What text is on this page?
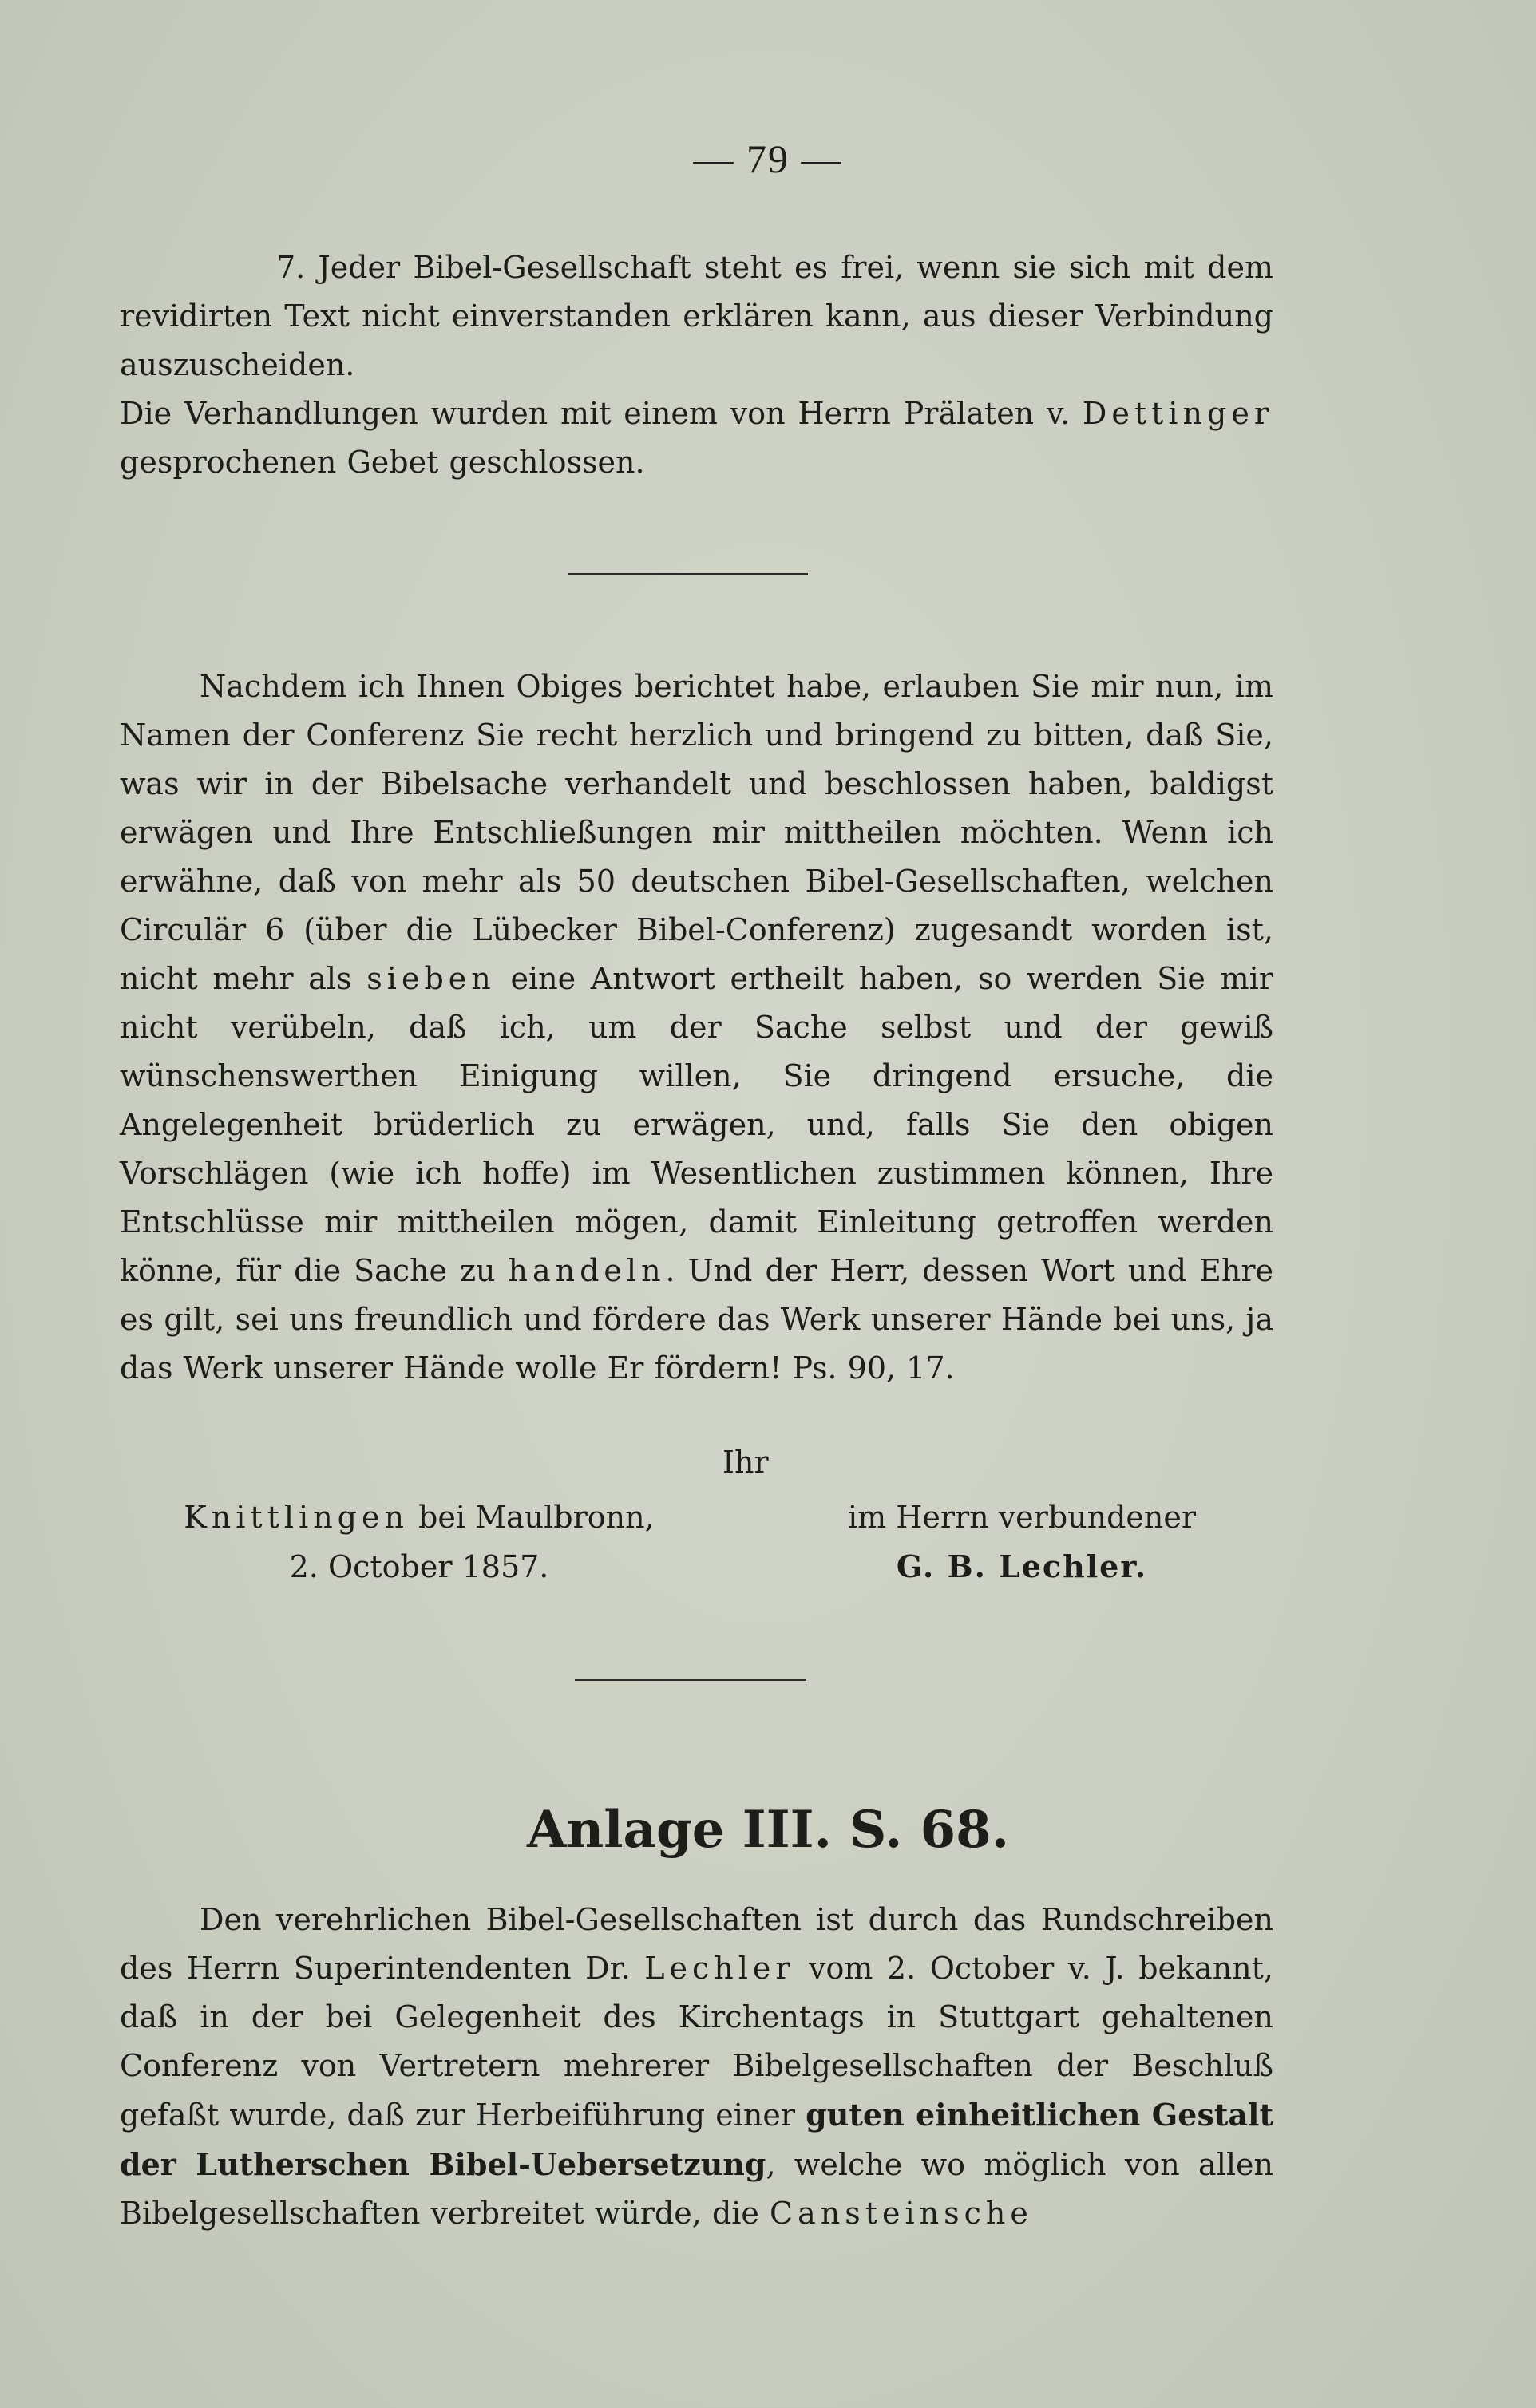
— 79 —

7. Jeder Bibel-Gesellschaft steht es frei, wenn sie sich mit dem revidirten Text nicht einverstanden erklären kann, aus dieser Verbindung auszuscheiden.

Die Verhandlungen wurden mit einem von Herrn Prälaten v. Dettinger gesprochenen Gebet geschlossen.

Nachdem ich Ihnen Obiges berichtet habe, erlauben Sie mir nun, im Namen der Conferenz Sie recht herzlich und bringend zu bitten, daß Sie, was wir in der Bibelsache verhandelt und beschlossen haben, baldigst erwägen und Ihre Entschließungen mir mittheilen möchten. Wenn ich erwähne, daß von mehr als 50 deutschen Bibel-Gesellschaften, welchen Circulär 6 (über die Lübecker Bibel-Conferenz) zugesandt worden ist, nicht mehr als sieben eine Antwort ertheilt haben, so werden Sie mir nicht verübeln, daß ich, um der Sache selbst und der gewiß wünschenswerthen Einigung willen, Sie dringend ersuche, die Angelegenheit brüderlich zu erwägen, und, falls Sie den obigen Vorschlägen (wie ich hoffe) im Wesentlichen zustimmen können, Ihre Entschlüsse mir mittheilen mögen, damit Einleitung getroffen werden könne, für die Sache zu handeln. Und der Herr, dessen Wort und Ehre es gilt, sei uns freundlich und fördere das Werk unserer Hände bei uns, ja das Werk unserer Hände wolle Er fördern! Ps. 90, 17.

Ihr
Knittlingen bei Maulbronn,
2. October 1857.
im Herrn verbundener
G. B. Lechler.
Anlage III. S. 68.

Den verehrlichen Bibel-Gesellschaften ist durch das Rundschreiben des Herrn Superintendenten Dr. Lechler vom 2. October v. J. bekannt, daß in der bei Gelegenheit des Kirchentags in Stuttgart gehaltenen Conferenz von Vertretern mehrerer Bibelgesellschaften der Beschluß gefaßt wurde, daß zur Herbeiführung einer guten einheitlichen Gestalt der Lutherschen Bibel-Uebersetzung, welche wo möglich von allen Bibelgesellschaften verbreitet würde, die Cansteinsche
